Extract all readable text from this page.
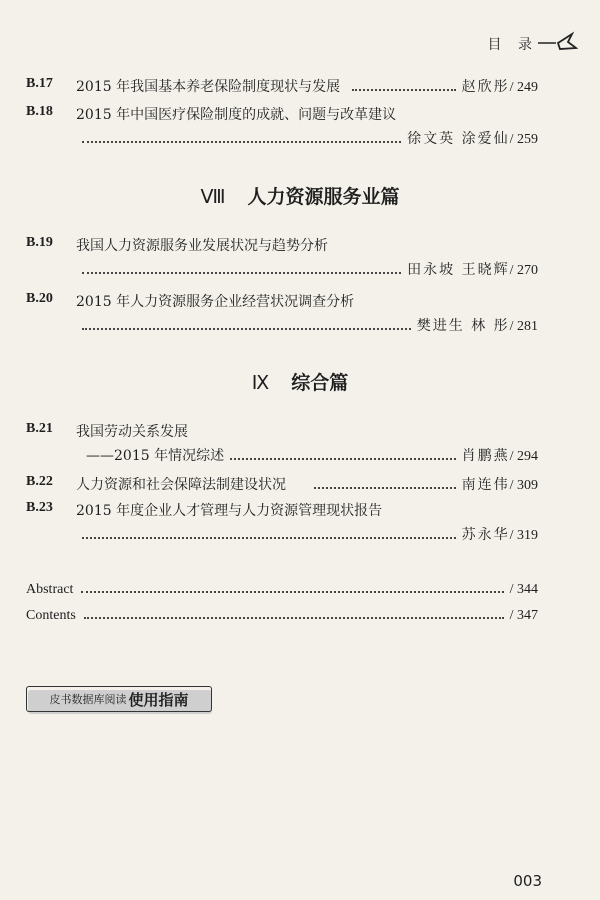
目 录
B.17 2015 年我国基本养老保险制度现状与发展	赵欣彤 / 249
B.18 2015 年中国医疗保险制度的成就、问题与改革建议
徐文英 涂爱仙 / 259
Ⅷ 人力资源服务业篇
B.19 我国人力资源服务业发展状况与趋势分析
田永坡 王晓辉 / 270
B.20 2015 年人力资源服务企业经营状况调查分析
樊进生 林 彤 / 281
Ⅸ 综合篇
B.21 我国劳动关系发展
——2015 年情况综述	肖鹏燕 / 294
B.22 人力资源和社会保障法制建设状况	南连伟 / 309
B.23 2015 年度企业人才管理与人力资源管理现状报告
苏永华 / 319
Abstract	/ 344
Contents	/ 347
皮书数据库阅读 使用指南
003
